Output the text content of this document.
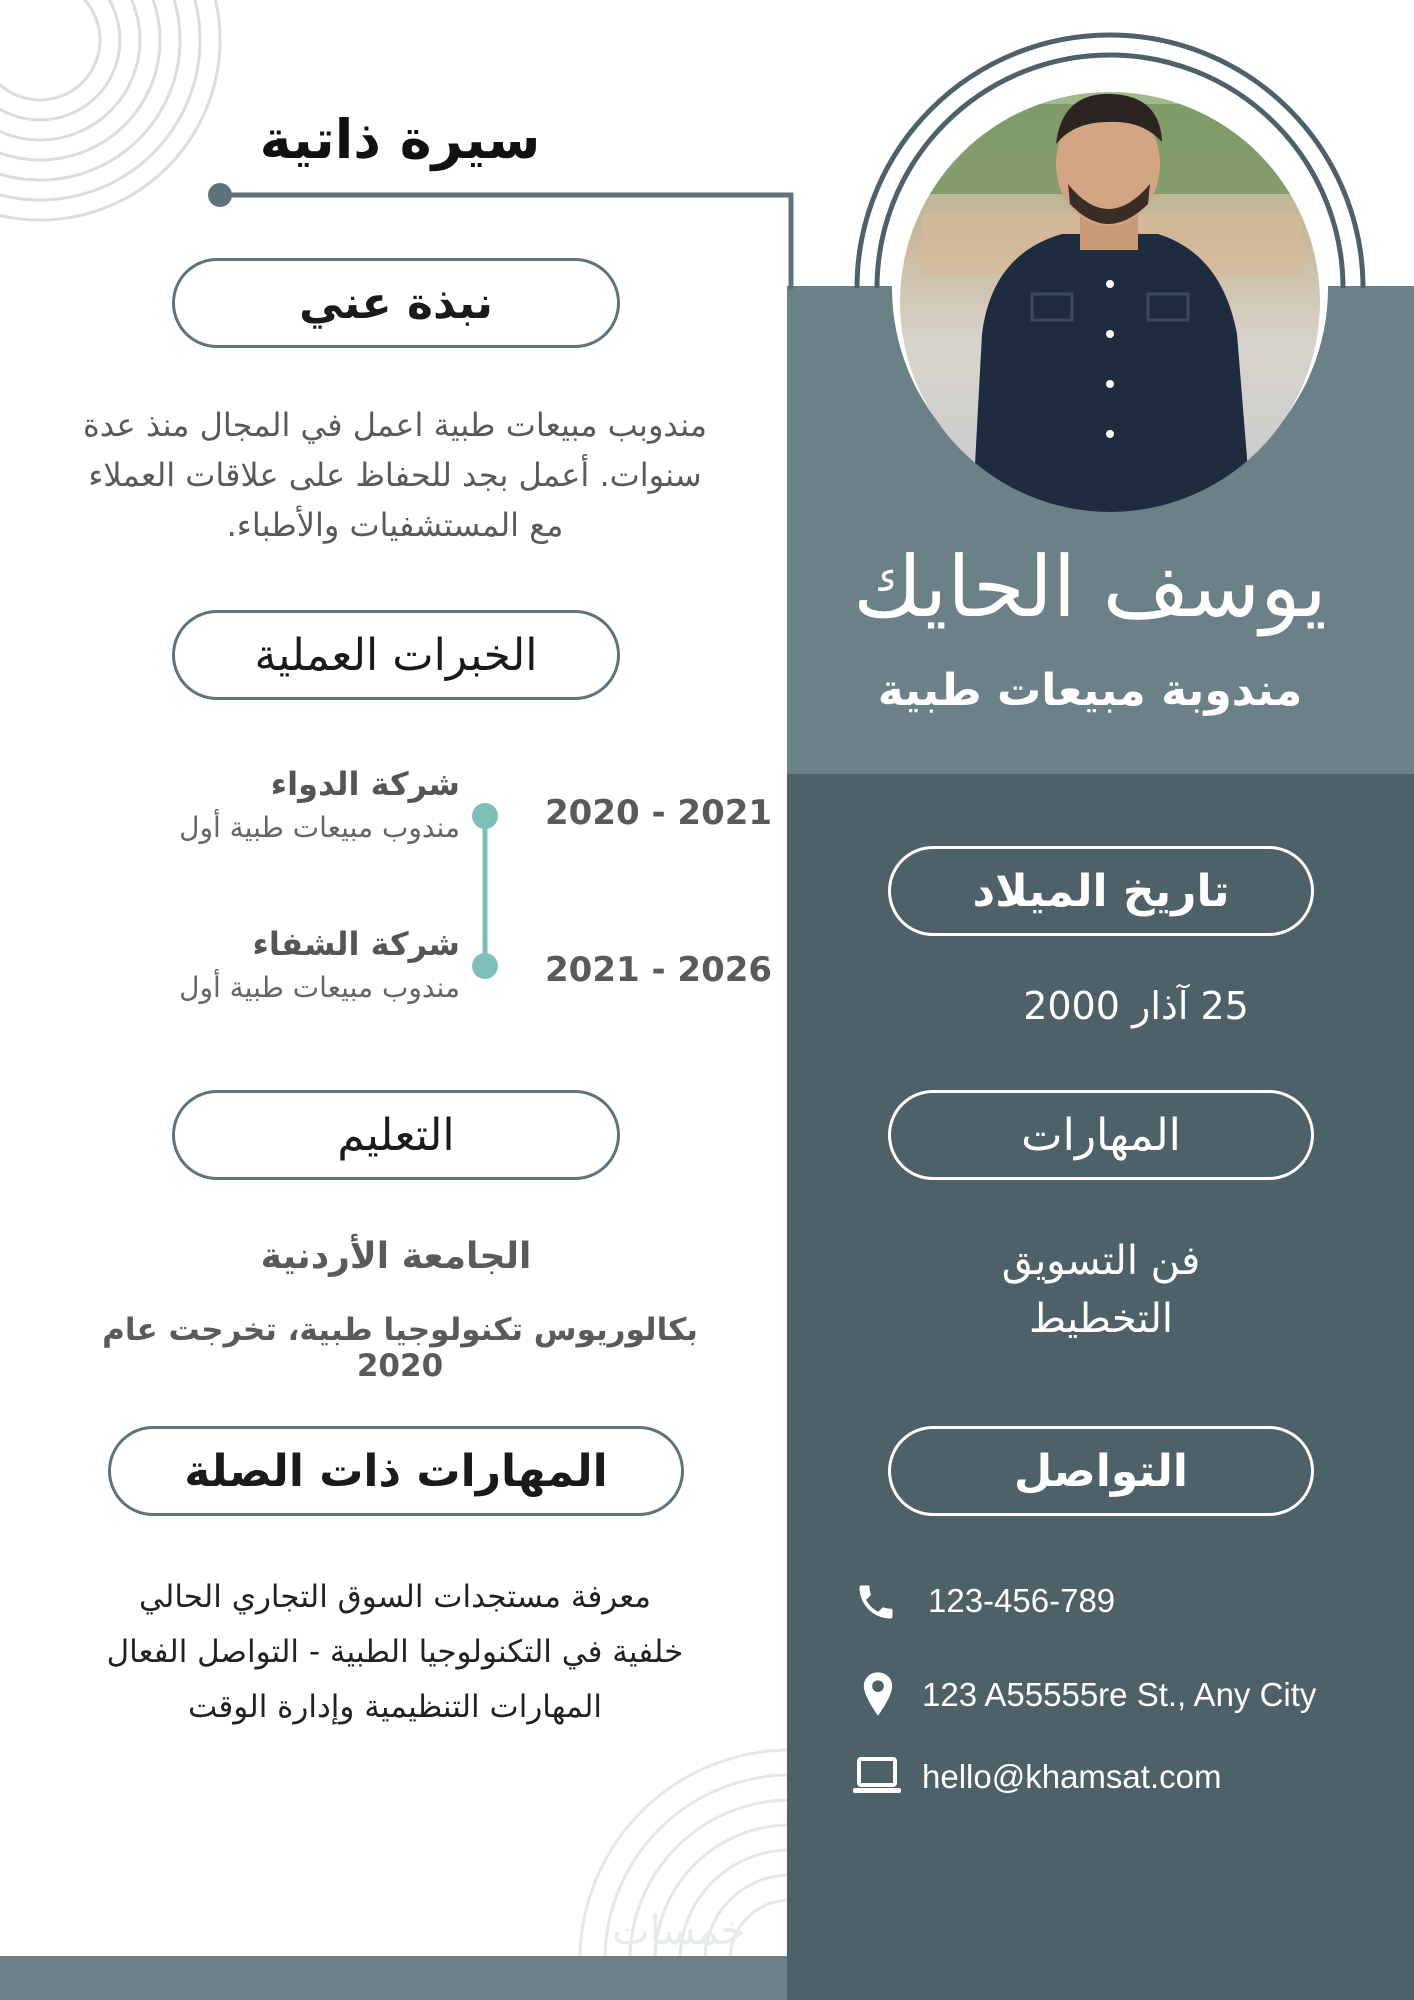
يوسف الحايك
مندوبة مبيعات طبية
سيرة ذاتية
نبذة عني
مندوبب مبيعات طبية اعمل في المجال منذ عدة
سنوات. أعمل بجد للحفاظ على علاقات العملاء
مع المستشفيات والأطباء.
الخبرات العملية
شركة الدواء
مندوب مبيعات طبية أول	2020 - 2021
شركة الشفاء
مندوب مبيعات طبية أول	2021 - 2026
التعليم
الجامعة الأردنية
بكالوريوس تكنولوجيا طبية، تخرجت عام 2020
المهارات ذات الصلة
معرفة مستجدات السوق التجاري الحالي
خلفية في التكنولوجيا الطبية - التواصل الفعال
المهارات التنظيمية وإدارة الوقت
تاريخ الميلاد
25 آذار 2000
المهارات
فن التسويق
التخطيط
التواصل
123-456-789
123 A55555re St., Any City
hello@khamsat.com
خمسات
